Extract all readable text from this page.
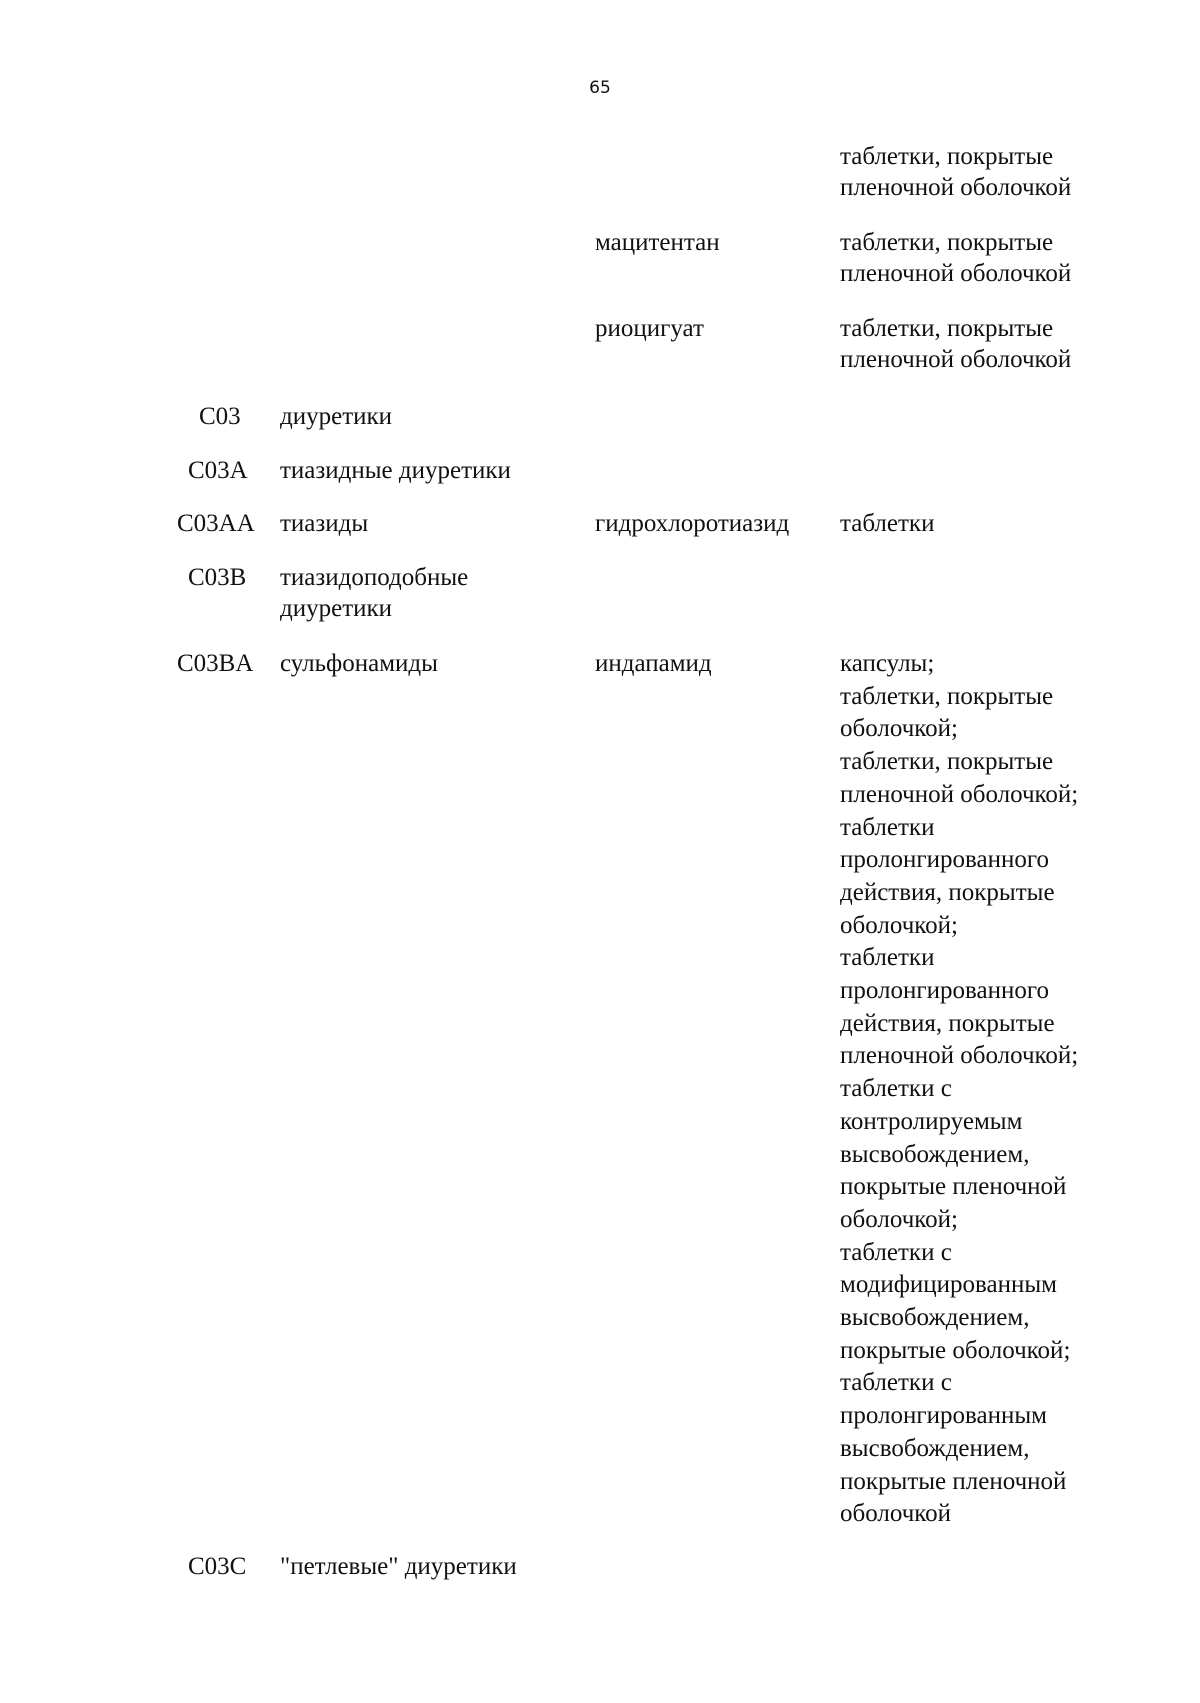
65
таблетки, покрытые
пленочной оболочкой
мацитентан	таблетки, покрытые
пленочной оболочкой
риоцигуат	таблетки, покрытые
пленочной оболочкой
C03 диуретики
C03A тиазидные диуретики
C03AA тиазиды	гидрохлоротиазид таблетки
C03B тиазидоподобные
диуретики
C03BA сульфонамиды	индапамид	капсулы;
таблетки, покрытые
оболочкой;
таблетки, покрытые
пленочной оболочкой;
таблетки
пролонгированного
действия, покрытые
оболочкой;
таблетки
пролонгированного
действия, покрытые
пленочной оболочкой;
таблетки с
контролируемым
высвобождением,
покрытые пленочной
оболочкой;
таблетки с
модифицированным
высвобождением,
покрытые оболочкой;
таблетки с
пролонгированным
высвобождением,
покрытые пленочной
оболочкой
C03C "петлевые" диуретики
